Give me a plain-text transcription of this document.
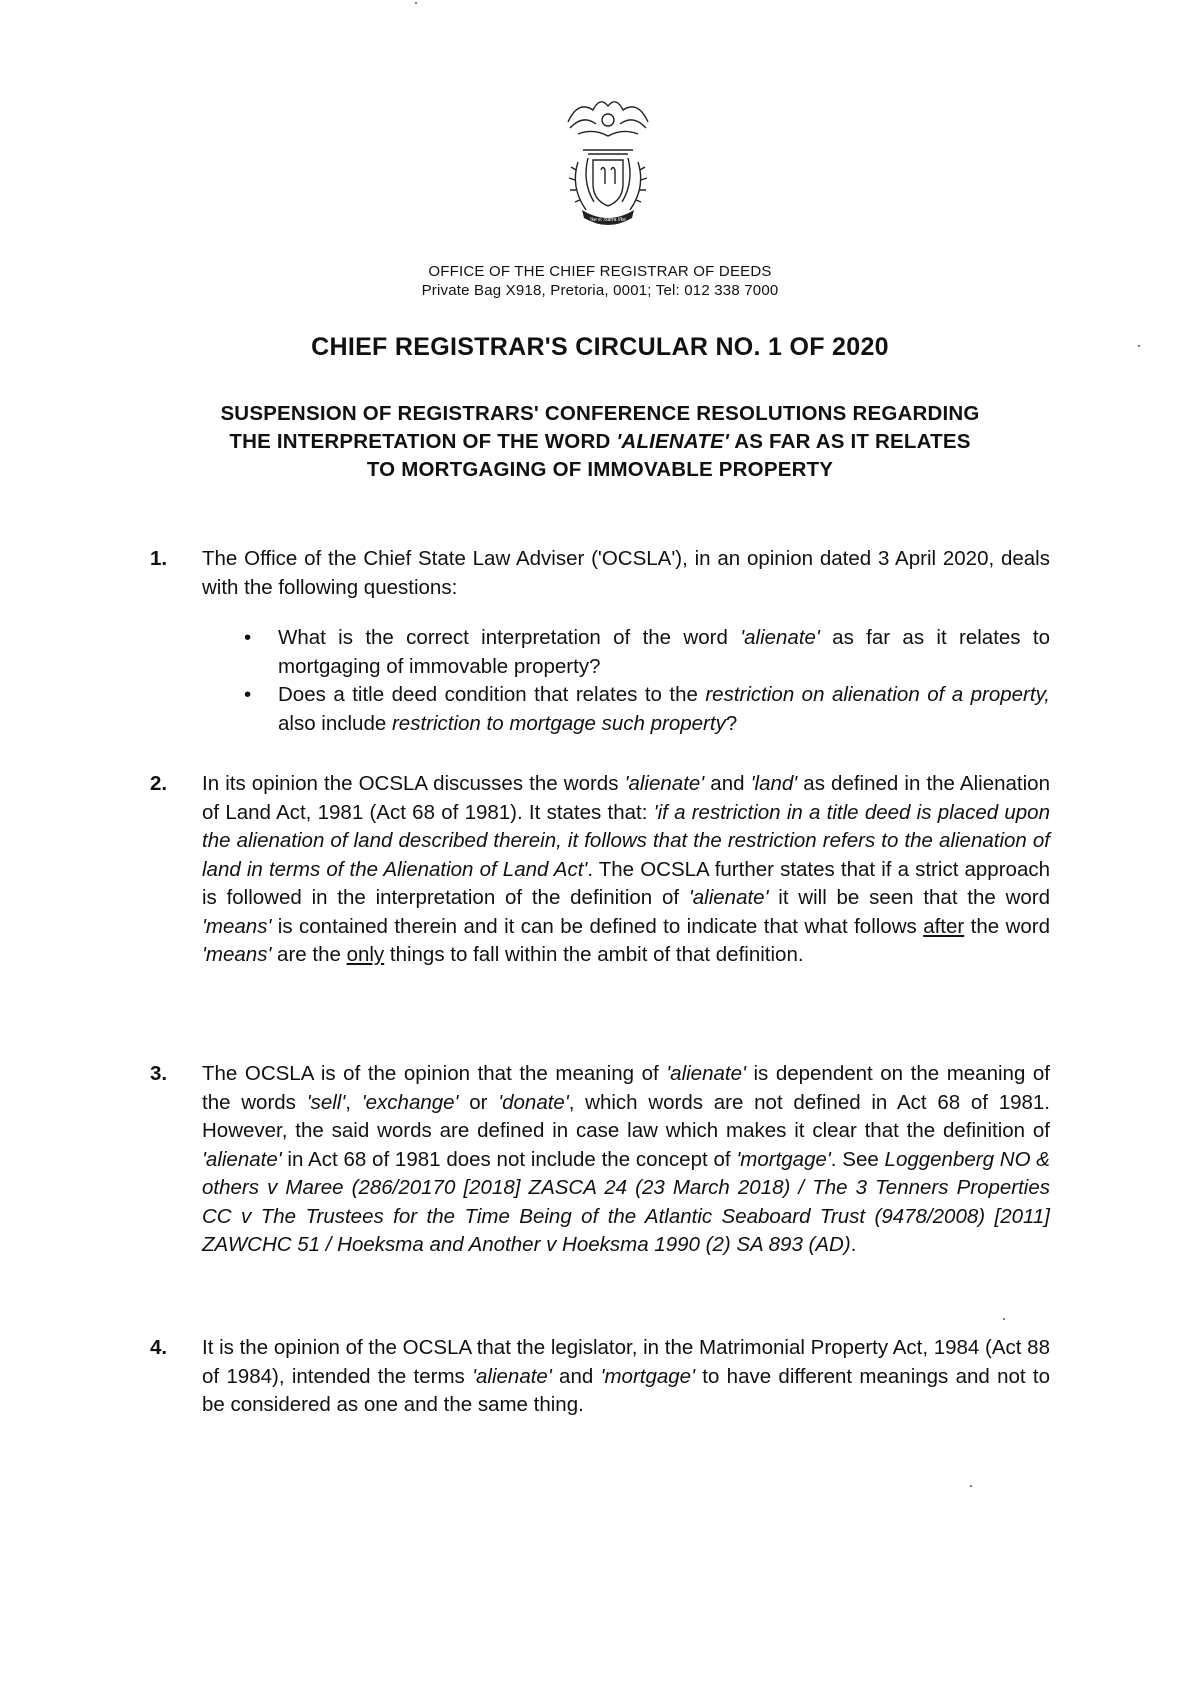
!ke e: /xarra //ke
OFFICE OF THE CHIEF REGISTRAR OF DEEDS
Private Bag X918, Pretoria, 0001; Tel: 012 338 7000
CHIEF REGISTRAR'S CIRCULAR NO. 1 OF 2020
SUSPENSION OF REGISTRARS' CONFERENCE RESOLUTIONS REGARDING
THE INTERPRETATION OF THE WORD 'ALIENATE' AS FAR AS IT RELATES
TO MORTGAGING OF IMMOVABLE PROPERTY
1.	The Office of the Chief State Law Adviser ('OCSLA'), in an opinion dated 3 April 2020, deals with the following questions:
• What is the correct interpretation of the word 'alienate' as far as it relates to mortgaging of immovable property?
• Does a title deed condition that relates to the restriction on alienation of a property, also include restriction to mortgage such property?
2.	In its opinion the OCSLA discusses the words 'alienate' and 'land' as defined in the Alienation of Land Act, 1981 (Act 68 of 1981). It states that: 'if a restriction in a title deed is placed upon the alienation of land described therein, it follows that the restriction refers to the alienation of land in terms of the Alienation of Land Act'. The OCSLA further states that if a strict approach is followed in the interpretation of the definition of 'alienate' it will be seen that the word 'means' is contained therein and it can be defined to indicate that what follows after the word 'means' are the only things to fall within the ambit of that definition.
3.	The OCSLA is of the opinion that the meaning of 'alienate' is dependent on the meaning of the words 'sell', 'exchange' or 'donate', which words are not defined in Act 68 of 1981. However, the said words are defined in case law which makes it clear that the definition of 'alienate' in Act 68 of 1981 does not include the concept of 'mortgage'. See Loggenberg NO & others v Maree (286/20170 [2018] ZASCA 24 (23 March 2018) / The 3 Tenners Properties CC v The Trustees for the Time Being of the Atlantic Seaboard Trust (9478/2008) [2011] ZAWCHC 51 / Hoeksma and Another v Hoeksma 1990 (2) SA 893 (AD).
4.	It is the opinion of the OCSLA that the legislator, in the Matrimonial Property Act, 1984 (Act 88 of 1984), intended the terms 'alienate' and 'mortgage' to have different meanings and not to be considered as one and the same thing.
